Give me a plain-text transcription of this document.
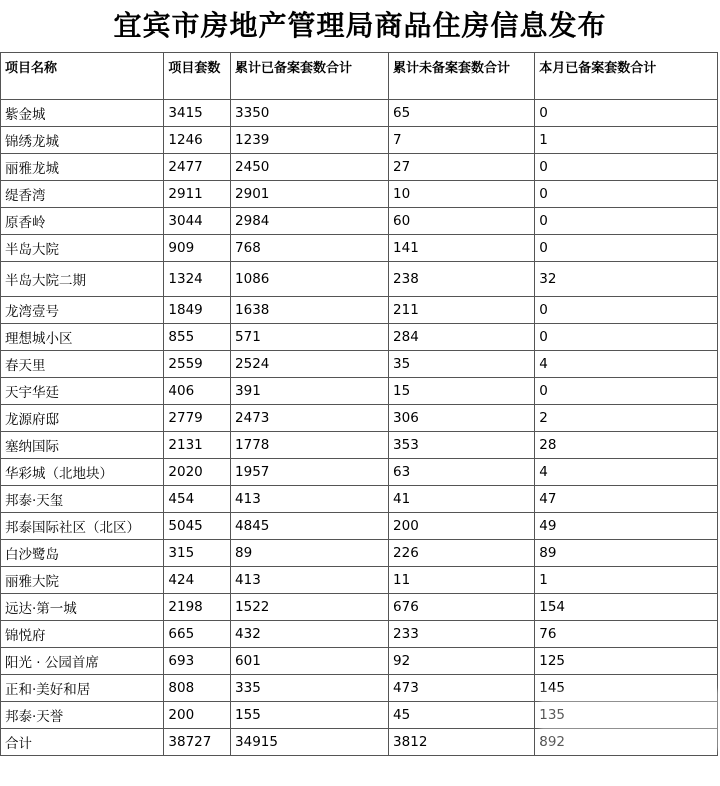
宜宾市房地产管理局商品住房信息发布
项目名称	项目套数	累计已备案套数合计	累计未备案套数合计	本月已备案套数合计
紫金城	3415	3350	65	0
锦绣龙城	1246	1239	7	1
丽雅龙城	2477	2450	27	0
缇香湾	2911	2901	10	0
原香岭	3044	2984	60	0
半岛大院	909	768	141	0
半岛大院二期	1324	1086	238	32
龙湾壹号	1849	1638	211	0
理想城小区	855	571	284	0
春天里	2559	2524	35	4
天宇华廷	406	391	15	0
龙源府邸	2779	2473	306	2
塞纳国际	2131	1778	353	28
华彩城（北地块）	2020	1957	63	4
邦泰·天玺	454	413	41	47
邦泰国际社区（北区）	5045	4845	200	49
白沙鹭岛	315	89	226	89
丽雅大院	424	413	11	1
远达·第一城	2198	1522	676	154
锦悦府	665	432	233	76
阳光 · 公园首席	693	601	92	125
正和·美好和居	808	335	473	145
邦泰·天誉	200	155	45	135
合计	38727	34915	3812	892
